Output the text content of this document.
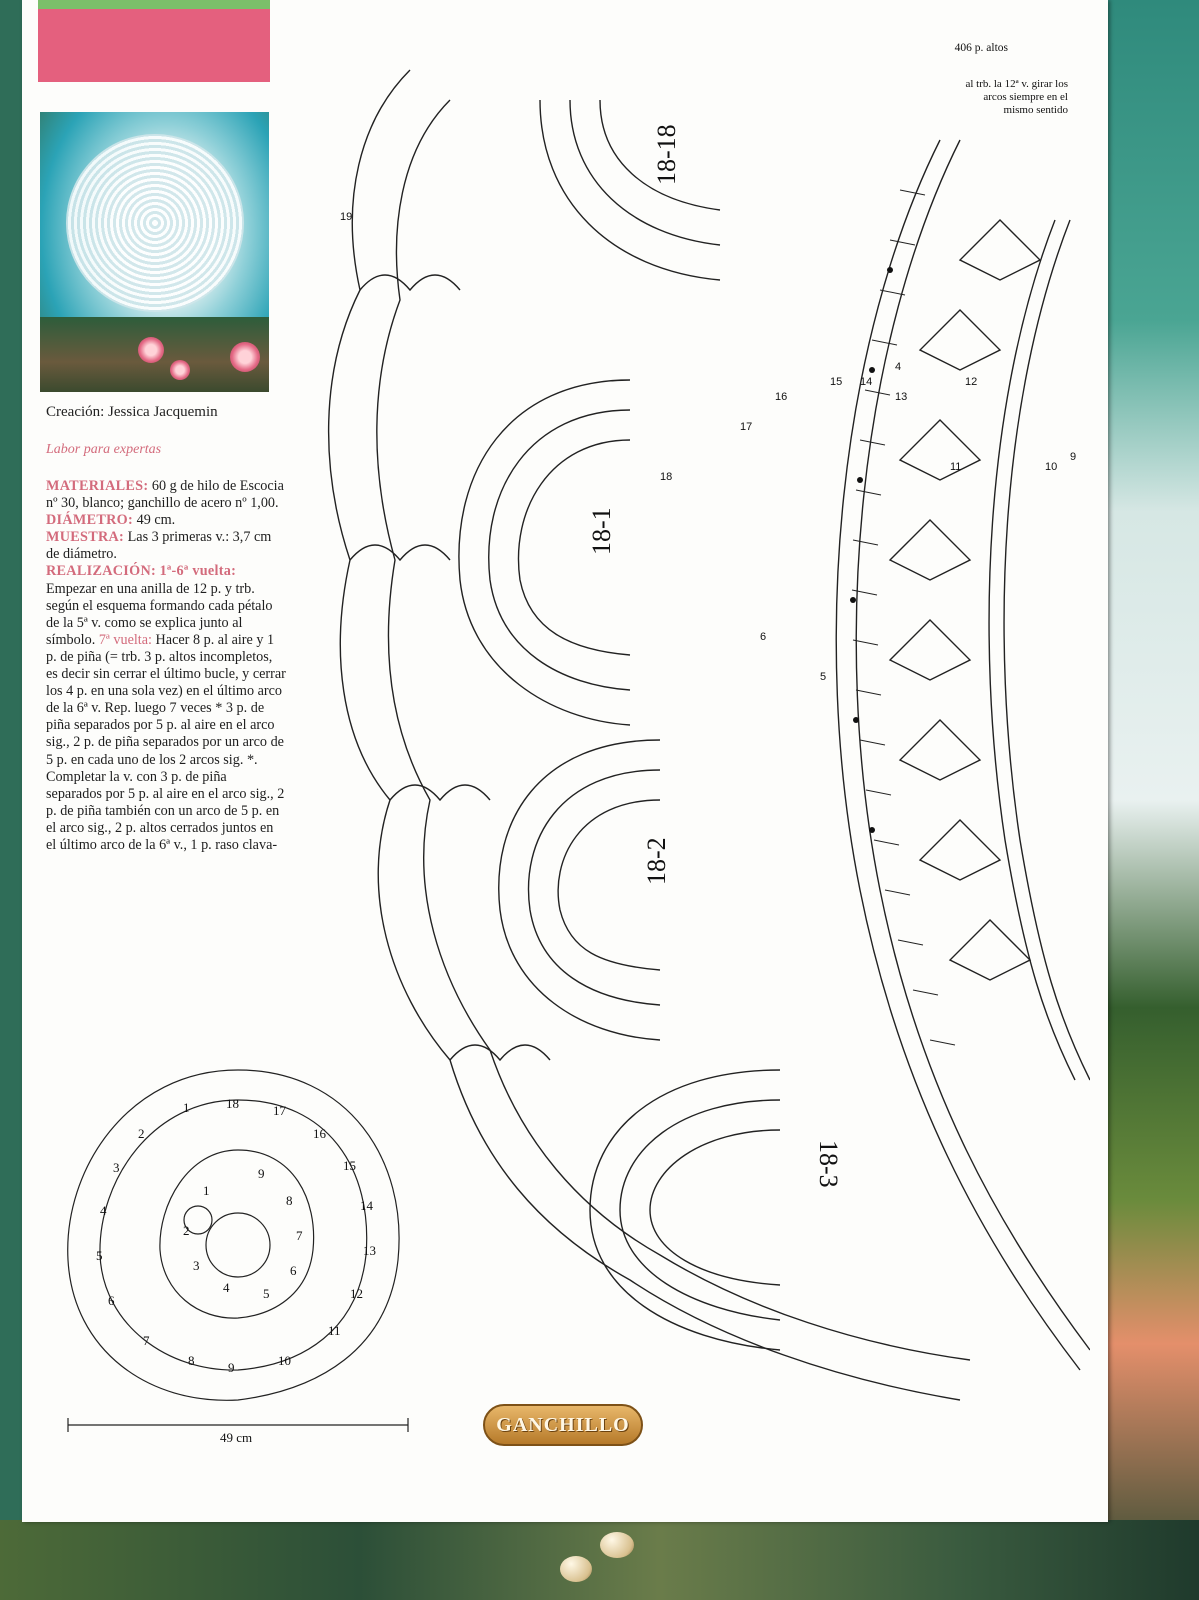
Creación: Jessica Jacquemin
Labor para expertas

MATERIALES: 60 g de hilo de Escocia nº 30, blanco; ganchillo de acero nº 1,00.

DIÁMETRO: 49 cm.

MUESTRA: Las 3 primeras v.: 3,7 cm de diámetro.

REALIZACIÓN: 1ª-6ª vuelta: Empezar en una anilla de 12 p. y trb. según el esquema formando cada pétalo de la 5ª v. como se explica junto al símbolo. 7ª vuelta: Hacer 8 p. al aire y 1 p. de piña (= trb. 3 p. altos incompletos, es decir sin cerrar el último bucle, y cerrar los 4 p. en una sola vez) en el último arco de la 6ª v. Rep. luego 7 veces * 3 p. de piña separados por 5 p. al aire en el arco sig., 2 p. de piña separados por un arco de 5 p. en cada uno de los 2 arcos sig. *. Completar la v. con 3 p. de piña separados por 5 p. al aire en el arco sig., 2 p. de piña también con un arco de 5 p. en el arco sig., 2 p. altos cerrados juntos en el último arco de la 6ª v., 1 p. raso clava-

18-18
18-1
18-2
18-3
19
18
17
16
15 14
13
12
11	10
9
6
5
4
406 p. altos
al trb. la 12ª v. girar los arcos siempre en el mismo sentido
1	18	17
16
15
14
13
12
11
10
9
8
7
6
5
4
3
2
1
2
3
4	5
6
7
8
9
49 cm
GANCHILLO
